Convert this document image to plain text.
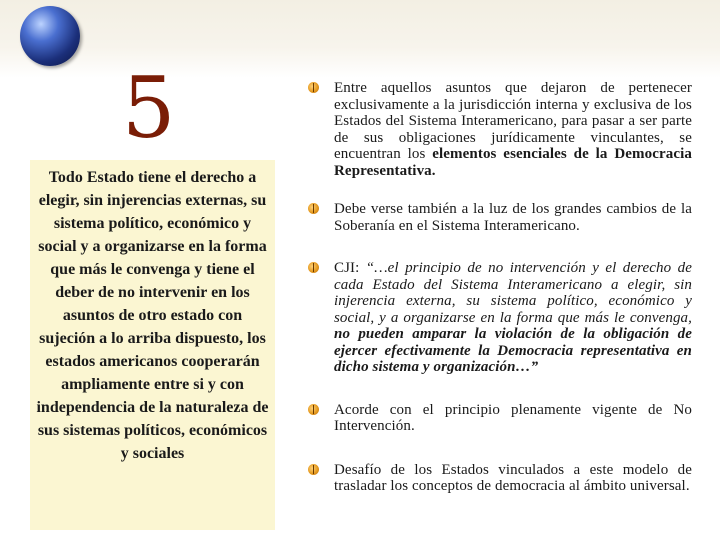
5

Todo Estado tiene el derecho a elegir, sin injerencias externas, su sistema político, económico y social y a organizarse en la forma que más le convenga y tiene el deber de no intervenir en los asuntos de otro estado con sujeción a lo arriba dispuesto, los estados americanos cooperarán ampliamente entre si y con independencia de la naturaleza de sus sistemas políticos, económicos y sociales

Entre aquellos asuntos que dejaron de pertenecer exclusivamente a la jurisdicción interna y exclusiva de los Estados del Sistema Interamericano, para pasar a ser parte de sus obligaciones jurídicamente vinculantes, se encuentran los elementos esenciales de la Democracia Representativa.
Debe verse también a la luz de los grandes cambios de la Soberanía en el Sistema Interamericano.
CJI: “…el principio de no intervención y el derecho de cada Estado del Sistema Interamericano a elegir, sin injerencia externa, su sistema político, económico y social, y a organizarse en la forma que más le convenga, no pueden amparar la violación de la obligación de ejercer efectivamente la Democracia representativa en dicho sistema y organización…”
Acorde con el principio plenamente vigente de No Intervención.
Desafío de los Estados vinculados a este modelo de trasladar los conceptos de democracia al ámbito universal.
